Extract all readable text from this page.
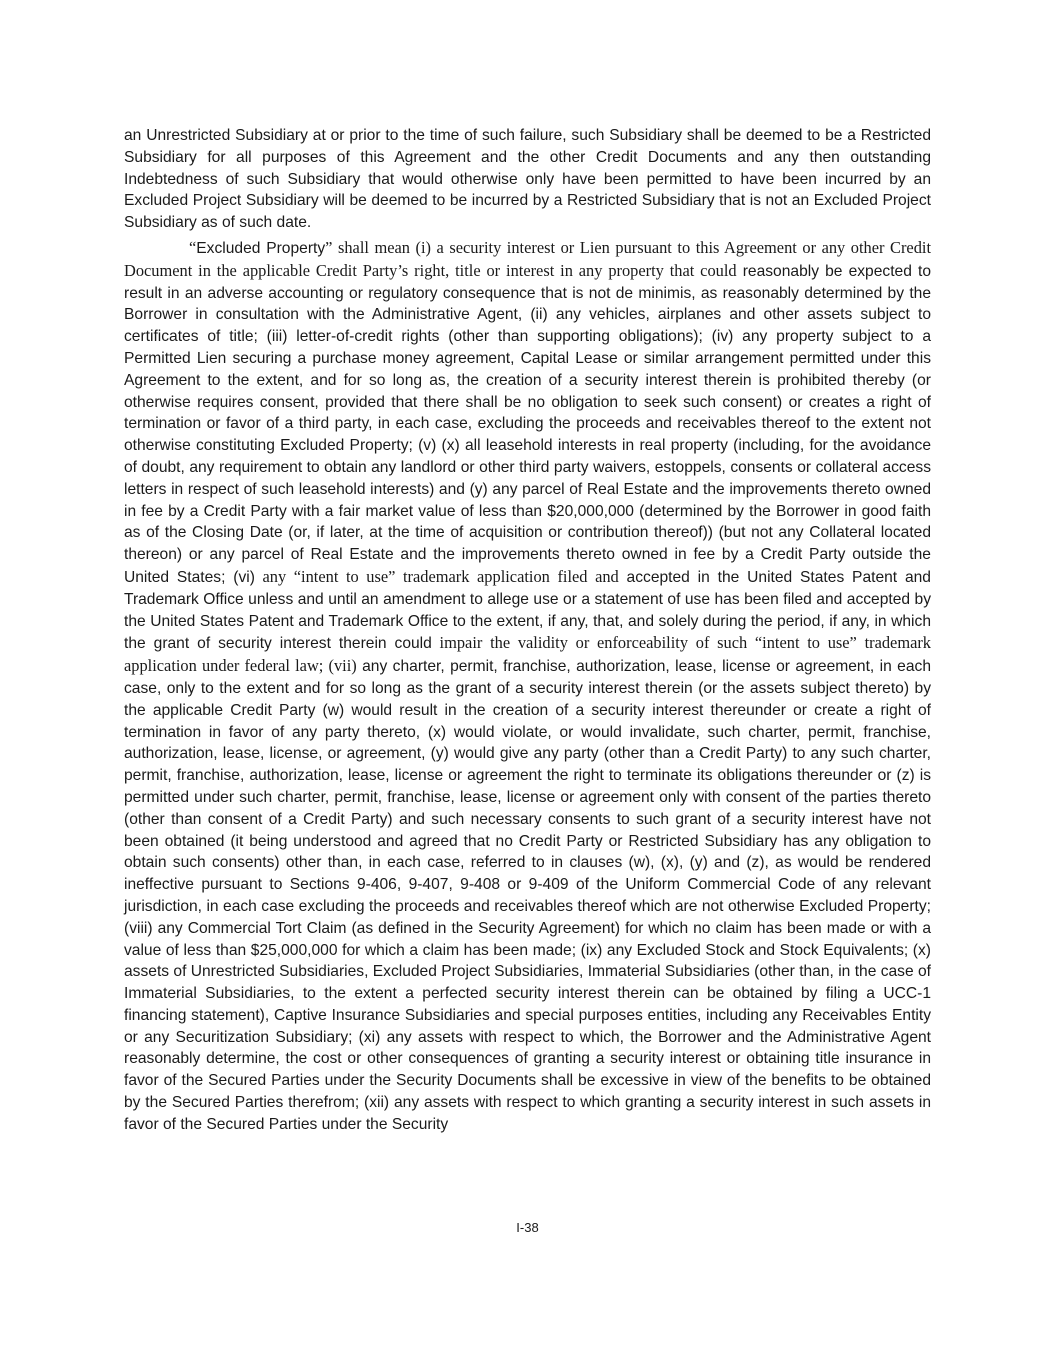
an Unrestricted Subsidiary at or prior to the time of such failure, such Subsidiary shall be deemed to be a Restricted Subsidiary for all purposes of this Agreement and the other Credit Documents and any then outstanding Indebtedness of such Subsidiary that would otherwise only have been permitted to have been incurred by an Excluded Project Subsidiary will be deemed to be incurred by a Restricted Subsidiary that is not an Excluded Project Subsidiary as of such date.

“Excluded Property” shall mean (i) a security interest or Lien pursuant to this Agreement or any other Credit Document in the applicable Credit Party’s right, title or interest in any property that could reasonably be expected to result in an adverse accounting or regulatory consequence that is not de minimis, as reasonably determined by the Borrower in consultation with the Administrative Agent, (ii) any vehicles, airplanes and other assets subject to certificates of title; (iii) letter-of-credit rights (other than supporting obligations); (iv) any property subject to a Permitted Lien securing a purchase money agreement, Capital Lease or similar arrangement permitted under this Agreement to the extent, and for so long as, the creation of a security interest therein is prohibited thereby (or otherwise requires consent, provided that there shall be no obligation to seek such consent) or creates a right of termination or favor of a third party, in each case, excluding the proceeds and receivables thereof to the extent not otherwise constituting Excluded Property; (v) (x) all leasehold interests in real property (including, for the avoidance of doubt, any requirement to obtain any landlord or other third party waivers, estoppels, consents or collateral access letters in respect of such leasehold interests) and (y) any parcel of Real Estate and the improvements thereto owned in fee by a Credit Party with a fair market value of less than $20,000,000 (determined by the Borrower in good faith as of the Closing Date (or, if later, at the time of acquisition or contribution thereof)) (but not any Collateral located thereon) or any parcel of Real Estate and the improvements thereto owned in fee by a Credit Party outside the United States; (vi) any “intent to use” trademark application filed and accepted in the United States Patent and Trademark Office unless and until an amendment to allege use or a statement of use has been filed and accepted by the United States Patent and Trademark Office to the extent, if any, that, and solely during the period, if any, in which the grant of security interest therein could impair the validity or enforceability of such “intent to use” trademark application under federal law; (vii) any charter, permit, franchise, authorization, lease, license or agreement, in each case, only to the extent and for so long as the grant of a security interest therein (or the assets subject thereto) by the applicable Credit Party (w) would result in the creation of a security interest thereunder or create a right of termination in favor of any party thereto, (x) would violate, or would invalidate, such charter, permit, franchise, authorization, lease, license, or agreement, (y) would give any party (other than a Credit Party) to any such charter, permit, franchise, authorization, lease, license or agreement the right to terminate its obligations thereunder or (z) is permitted under such charter, permit, franchise, lease, license or agreement only with consent of the parties thereto (other than consent of a Credit Party) and such necessary consents to such grant of a security interest have not been obtained (it being understood and agreed that no Credit Party or Restricted Subsidiary has any obligation to obtain such consents) other than, in each case, referred to in clauses (w), (x), (y) and (z), as would be rendered ineffective pursuant to Sections 9-406, 9-407, 9-408 or 9-409 of the Uniform Commercial Code of any relevant jurisdiction, in each case excluding the proceeds and receivables thereof which are not otherwise Excluded Property; (viii) any Commercial Tort Claim (as defined in the Security Agreement) for which no claim has been made or with a value of less than $25,000,000 for which a claim has been made; (ix) any Excluded Stock and Stock Equivalents; (x) assets of Unrestricted Subsidiaries, Excluded Project Subsidiaries, Immaterial Subsidiaries (other than, in the case of Immaterial Subsidiaries, to the extent a perfected security interest therein can be obtained by filing a UCC-1 financing statement), Captive Insurance Subsidiaries and special purposes entities, including any Receivables Entity or any Securitization Subsidiary; (xi) any assets with respect to which, the Borrower and the Administrative Agent reasonably determine, the cost or other consequences of granting a security interest or obtaining title insurance in favor of the Secured Parties under the Security Documents shall be excessive in view of the benefits to be obtained by the Secured Parties therefrom; (xii) any assets with respect to which granting a security interest in such assets in favor of the Secured Parties under the Security

I-38
